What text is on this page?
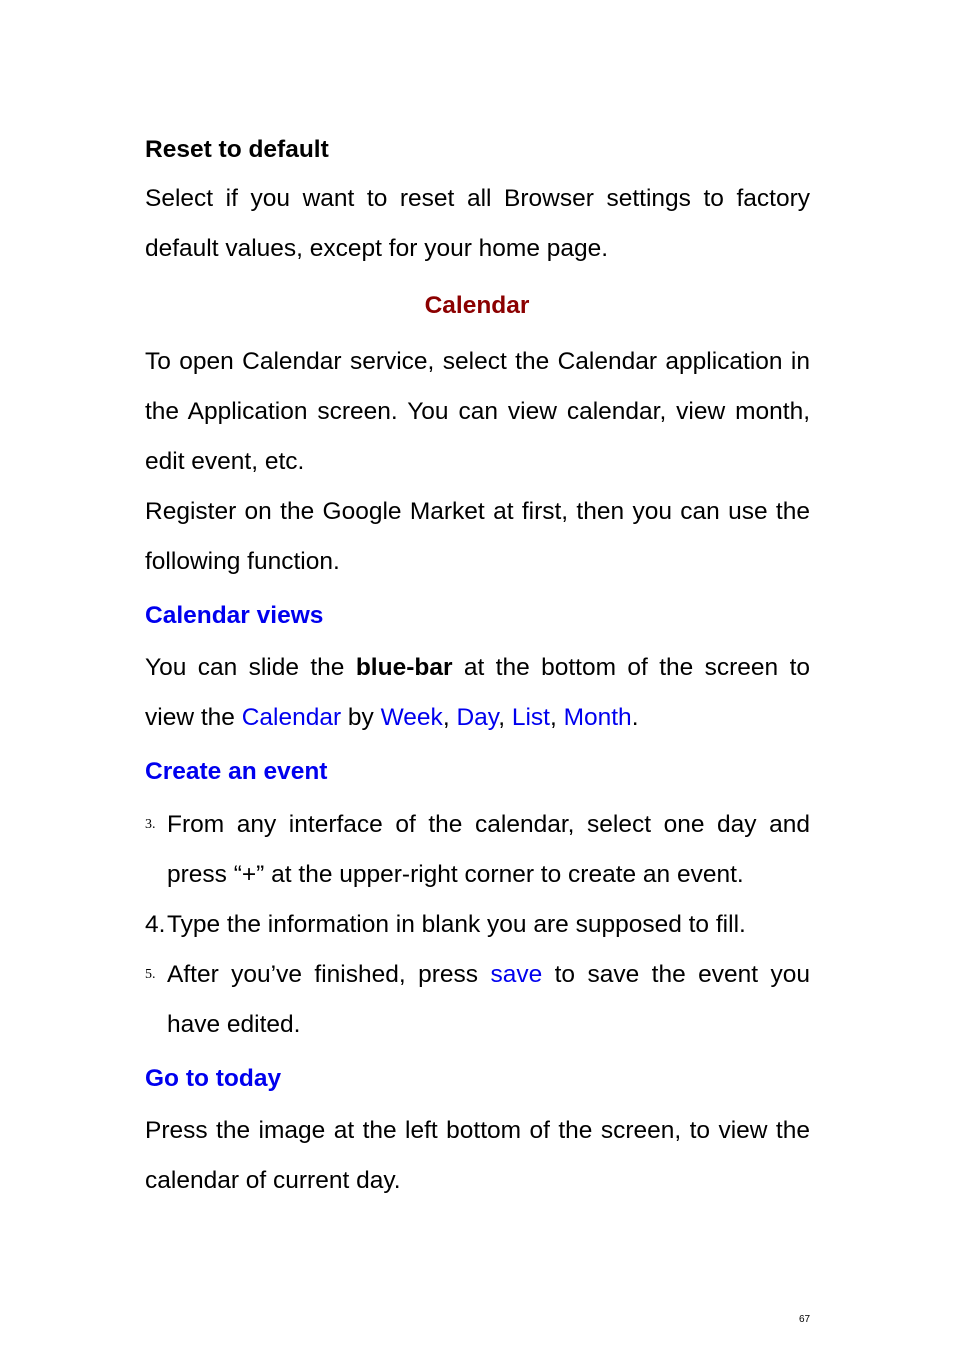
Reset to default

Select if you want to reset all Browser settings to factory default values, except for your home page.

Calendar

To open Calendar service, select the Calendar application in the Application screen. You can view calendar, view month, edit event, etc.

Register on the Google Market at first, then you can use the following function.

Calendar views

You can slide the blue-bar at the bottom of the screen to view the Calendar by Week, Day, List, Month.

Create an event
3. From any interface of the calendar, select one day and press “+” at the upper-right corner to create an event.
4. Type the information in blank you are supposed to fill.
5. After you’ve finished, press save to save the event you have edited.
Go to today

Press the image at the left bottom of the screen, to view the calendar of current day.

67
